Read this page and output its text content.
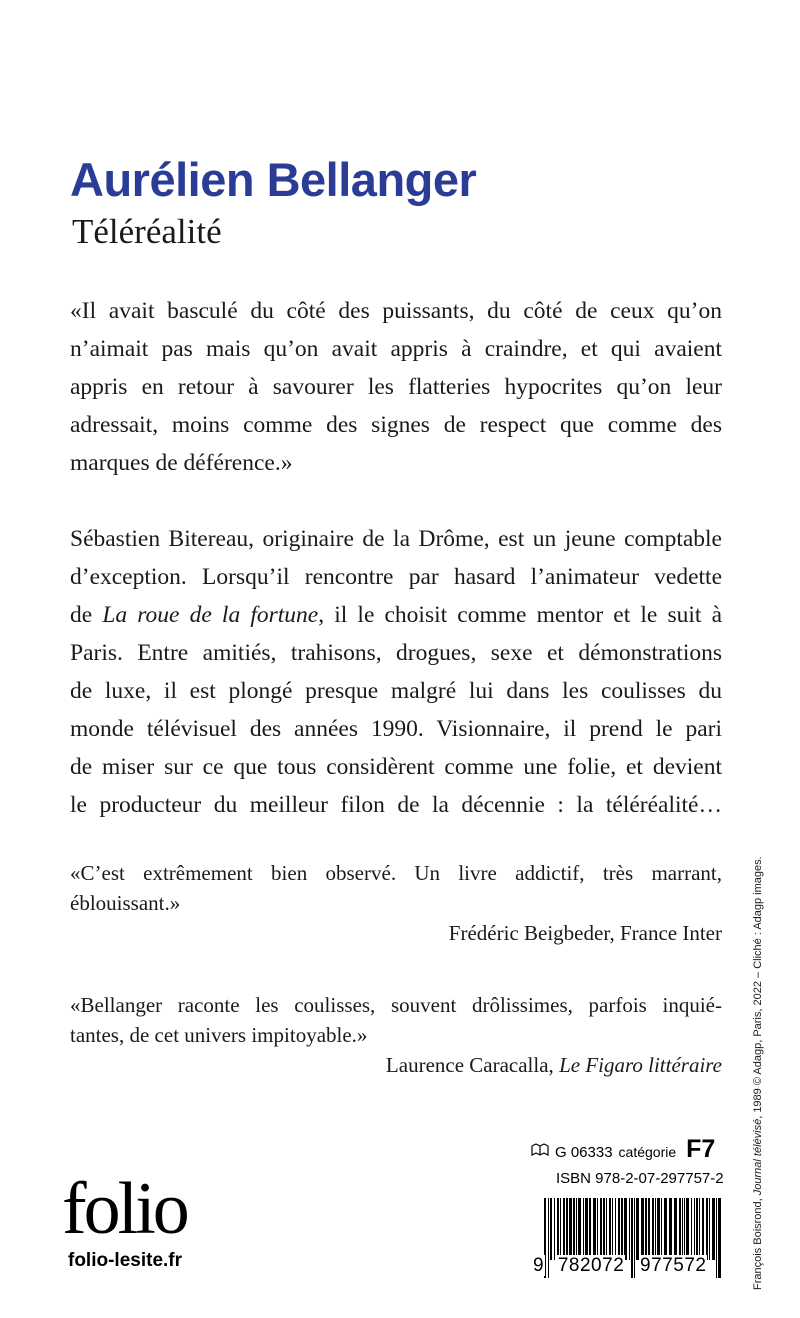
Aurélien Bellanger
Téléréalité

«Il avait basculé du côté des puissants, du côté de ceux qu’on
n’aimait pas mais qu’on avait appris à craindre, et qui avaient
appris en retour à savourer les flatteries hypocrites qu’on leur
adressait, moins comme des signes de respect que comme des
marques de déférence.»

Sébastien Bitereau, originaire de la Drôme, est un jeune comptable
d’exception. Lorsqu’il rencontre par hasard l’animateur vedette
de La roue de la fortune, il le choisit comme mentor et le suit à
Paris. Entre amitiés, trahisons, drogues, sexe et démonstrations
de luxe, il est plongé presque malgré lui dans les coulisses du
monde télévisuel des années 1990. Visionnaire, il prend le pari
de miser sur ce que tous considèrent comme une folie, et devient
le producteur du meilleur filon de la décennie : la téléréalité…

«C’est extrêmement bien observé. Un livre addictif, très marrant,
éblouissant.»
Frédéric Beigbeder, France Inter
«Bellanger raconte les coulisses, souvent drôlissimes, parfois inquié-
tantes, de cet univers impitoyable.»
Laurence Caracalla, Le Figaro littéraire
François Boisrond, Journal télévisé, 1989 © Adagp, Paris, 2022 – Cliché : Adagp images.
G 06333 catégorie F7
ISBN 978-2-07-297757-2
9 782072 977572
folio
folio-lesite.fr
